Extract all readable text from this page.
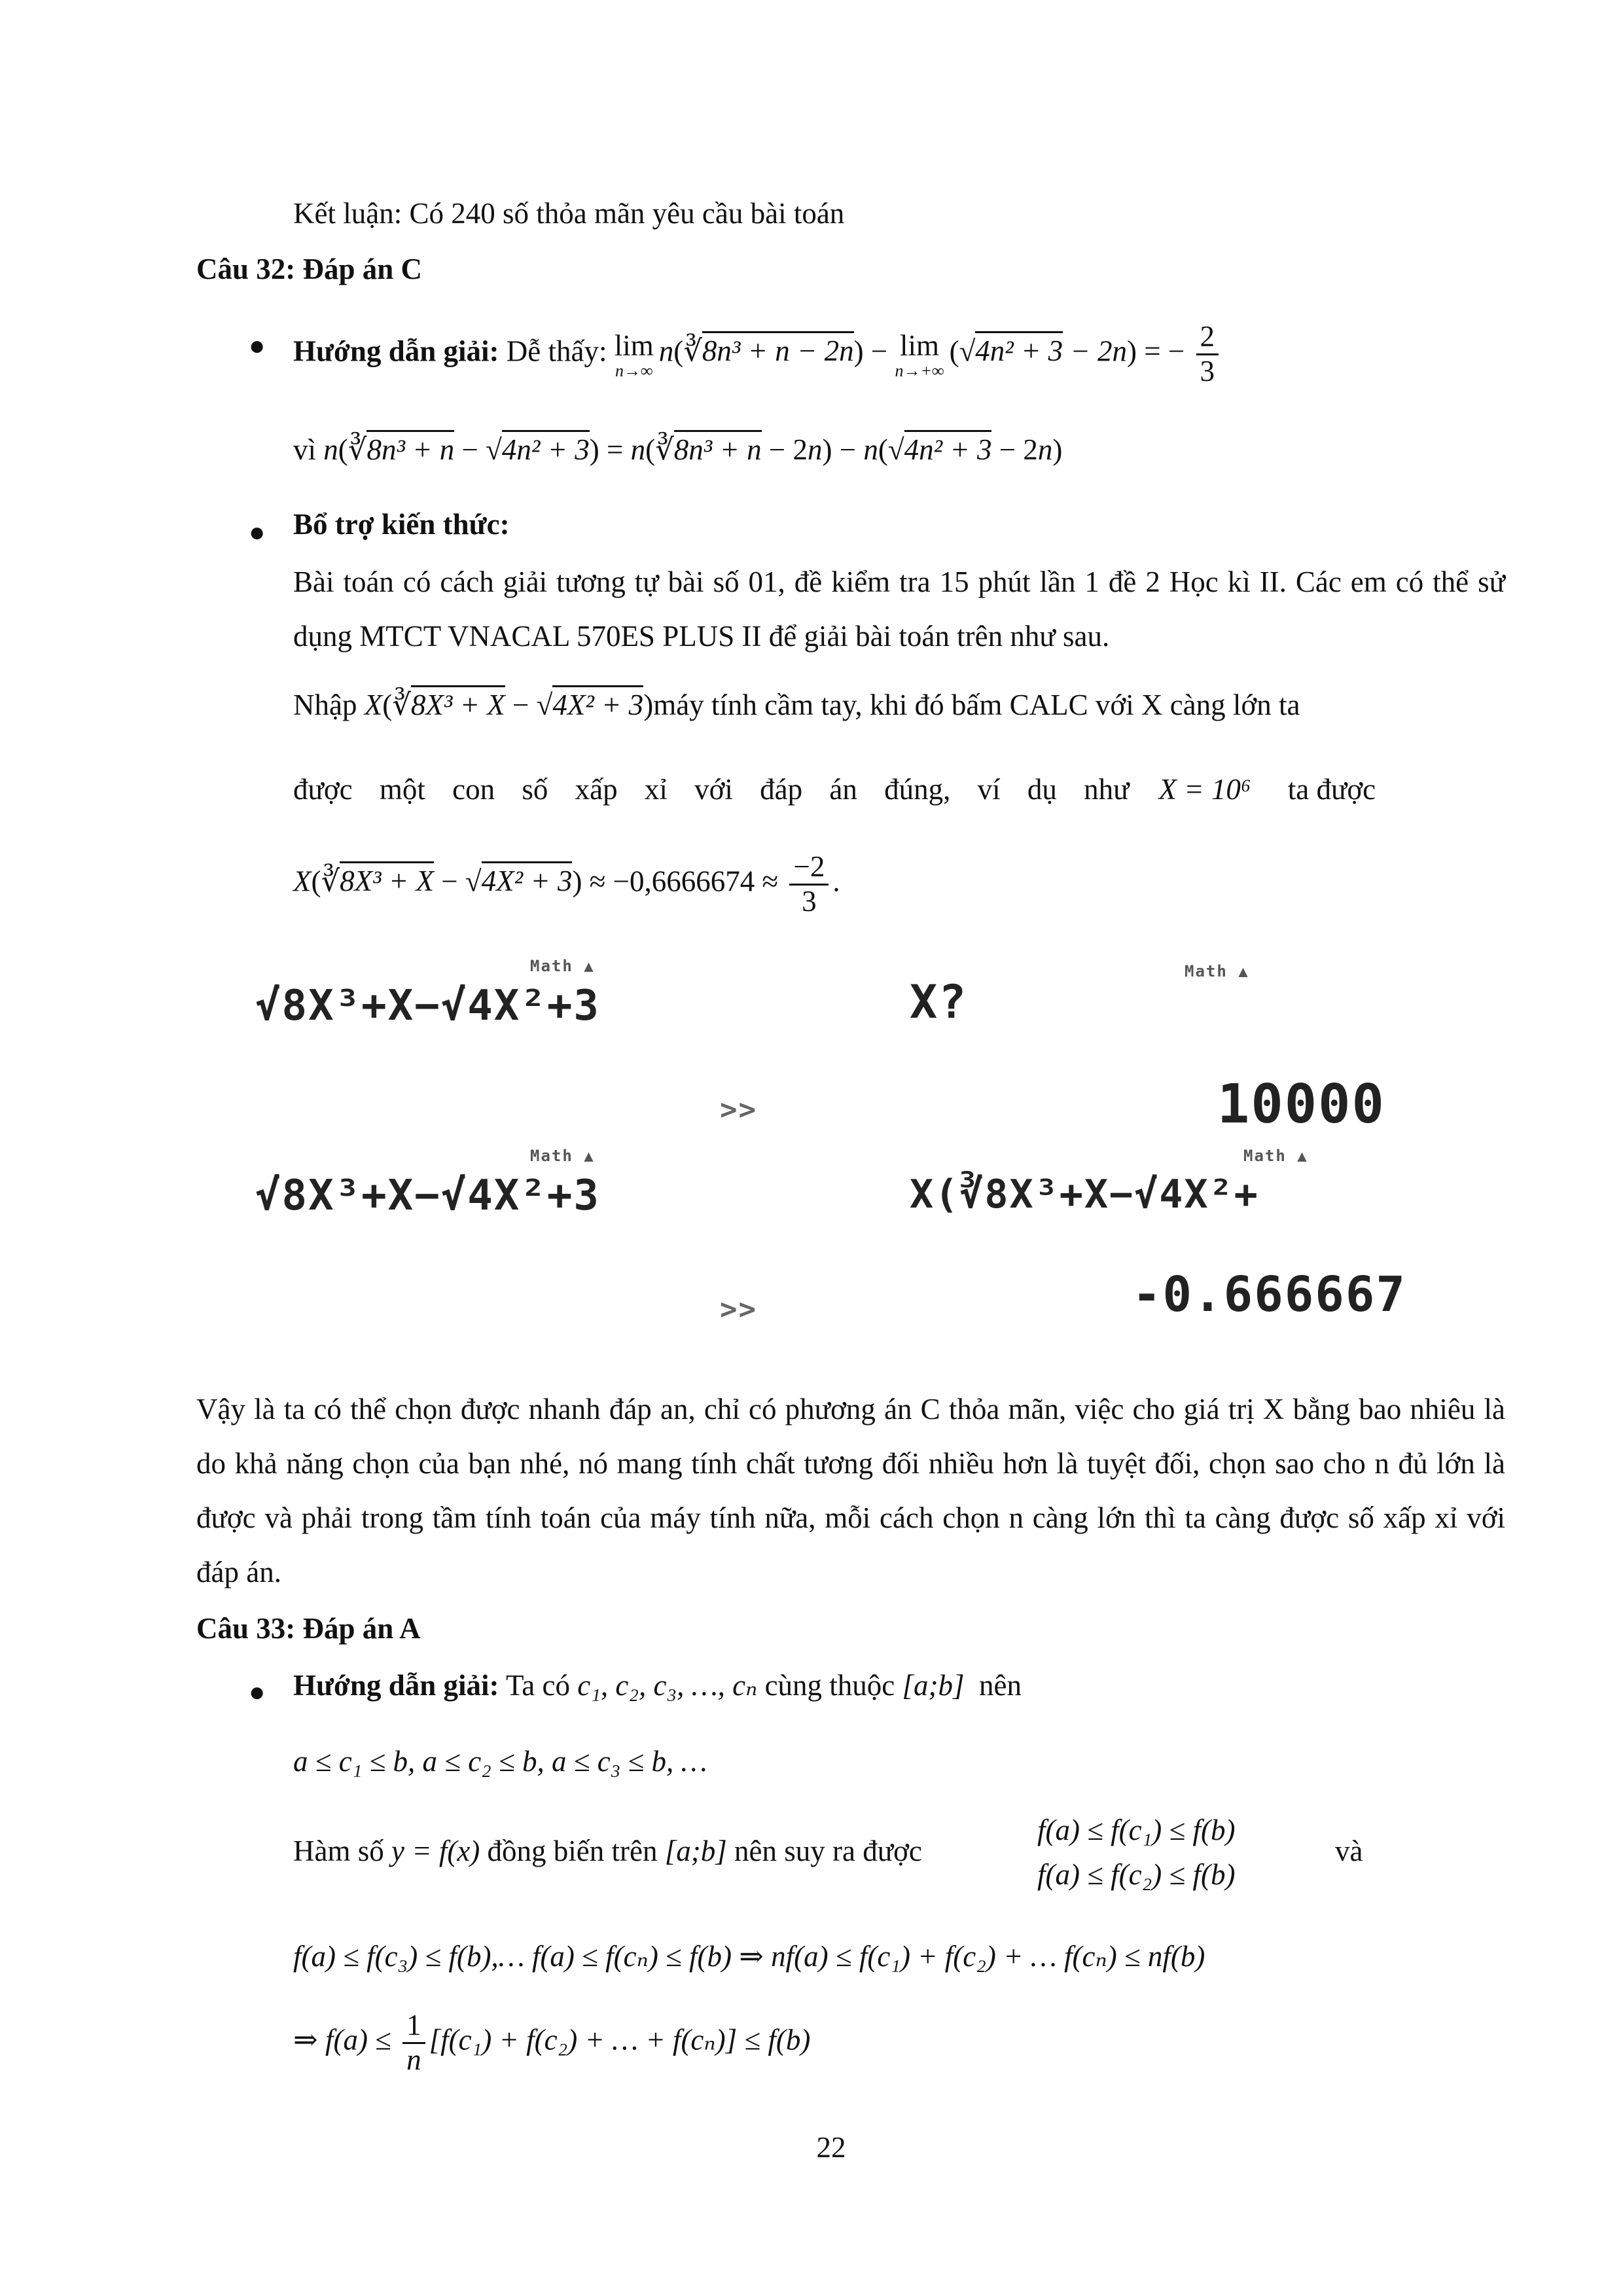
Kết luận: Có 240 số thỏa mãn yêu cầu bài toán
Câu 32: Đáp án C
● Hướng dẫn giải: Dễ thấy: lim
n→∞
n(∛8n³ + n − 2n) − lim
n→+∞
(√4n² + 3 − 2n) = − $\frac{2}{3}$
vì n(∛8n³ + n − √4n² + 3) = n(∛8n³ + n − 2n) − n(√4n² + 3 − 2n)
● Bổ trợ kiến thức:
Bài toán có cách giải tương tự bài số 01, đề kiểm tra 15 phút lần 1 đề 2 Học kì II. Các em có thể sử dụng MTCT VNACAL 570ES PLUS II để giải bài toán trên như sau.
Nhập X(∛8X³ + X − √4X² + 3)máy tính cầm tay, khi đó bấm CALC với X càng lớn ta
được một con số xấp xỉ với đáp án đúng, ví dụ như X = 10⁶ ta được
X(∛8X³ + $X - √4X^2 + 3) \approx -0,6666674 \approx \frac{-2}{3}$ .
Math ▲
√8X³+X−√4X²+3
Math ▲
X?
>>	10000
Math ▲
√8X³+X−√4X²+3
Math ▲
X(∛8X³+X−√4X²+
>>	-0.666667
Vậy là ta có thể chọn được nhanh đáp an, chỉ có phương án C thỏa mãn, việc cho giá trị X bằng bao nhiêu là do khả năng chọn của bạn nhé, nó mang tính chất tương đối nhiều hơn là tuyệt đối, chọn sao cho n đủ lớn là được và phải trong tầm tính toán của máy tính nữa, mỗi cách chọn n càng lớn thì ta càng được số xấp xỉ với đáp án.
Câu 33: Đáp án A
● Hướng dẫn giải: Ta có c₁, c₂, c₃, …, cₙ cùng thuộc [a;b] nên
a ≤ c₁ ≤ b, a ≤ c₂ ≤ b, a ≤ c₃ ≤ b, …
Hàm số y = f(x) đồng biến trên [a;b] nên suy ra được
f(a) ≤ f(c₁) ≤ f(b)
f(a) ≤ f(c₂) ≤ f(b)
và
f(a) ≤ f(c₃) ≤ f(b),… f(a) ≤ f(cₙ) ≤ f(b) ⇒ nf(a) ≤ f(c₁) + f(c₂) + … f(cₙ) ≤ nf(b)
⇒ $f(a) \le \frac{1}{n} [f(c_1) + f(c_2)$ + … + f(cₙ)] ≤ f(b)
22
